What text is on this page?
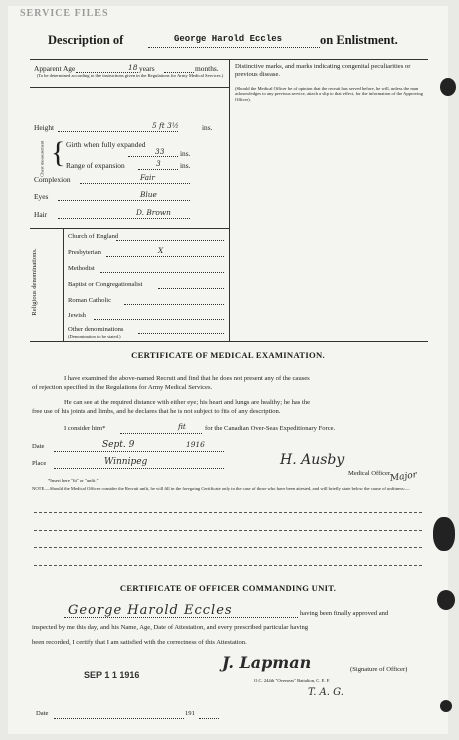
SERVICE FILES
Description of	George Harold Eccles	on Enlistment.
Apparent Age	18 years	months.
(To be determined according to the instructions given in the Regulations for Army Medical Services.)
Height	5 ft 3½	ins.
Chest measurement { Girth when fully expanded
33 ins.
Range of expansion	3	ins.
Complexion	Fair
Eyes	Blue
Hair	D. Brown
Religious denominations.
Church of England
Presbyterian	X
Methodist
Baptist or Congregationalist
Roman Catholic
Jewish
Other denominations
(Denomination to be stated.)
Distinctive marks, and marks indicating congenital peculiarities or previous disease.
(Should the Medical Officer be of opinion that the recruit has served before, he will, unless the man acknowledges to any previous service, attach a slip to that effect, for the information of the Approving Officer).
CERTIFICATE OF MEDICAL EXAMINATION.
I have examined the above-named Recruit and find that he does not present any of the causes
of rejection specified in the Regulations for Army Medical Services.
He can see at the required distance with either eye; his heart and lungs are healthy; he has the
free use of his joints and limbs, and he declares that he is not subject to fits of any description.
I consider him*	fit	for the Canadian Over-Seas Expeditionary Force.
Date	Sept. 9	1916
Place	Winnipeg	H. Ausby
Major
Medical Officer.
*Insert here "fit" or "unfit."
NOTE.—Should the Medical Officer consider the Recruit unfit, he will fill in the foregoing Certificate only in the case of those who have been attested, and will briefly state below the cause of unfitness:—
CERTIFICATE OF OFFICER COMMANDING UNIT.
George Harold Eccles	having been finally approved and
inspected by me this day, and his Name, Age, Date of Attestation, and every prescribed particular having
been recorded, I certify that I am satisfied with the correctness of this Attestation.
SEP 1 1 1916
J. Lapman	(Signature of Officer)
O.C. 244th "Overseas" Battalion, C. E. F.
T. A. G.
Date	191
